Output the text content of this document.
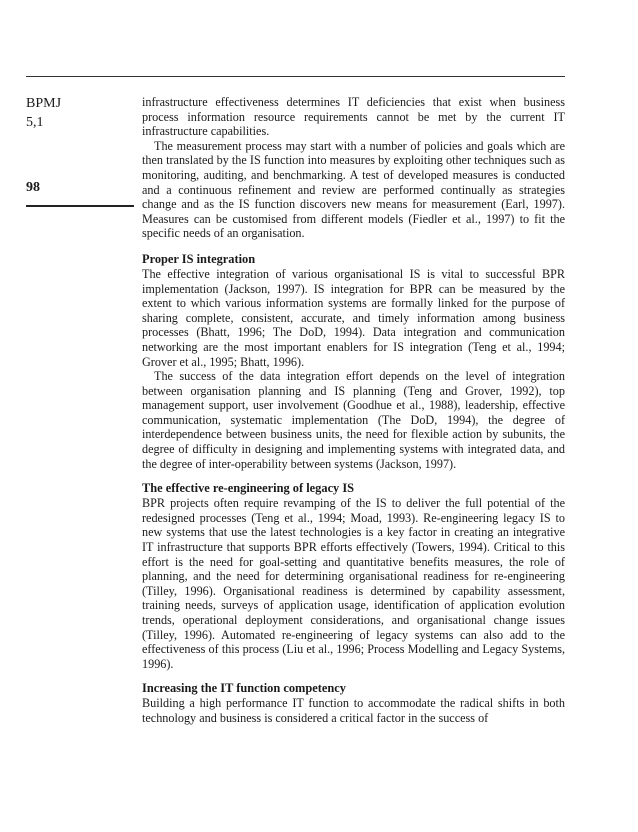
BPMJ
5,1
98

infrastructure effectiveness determines IT deficiencies that exist when business process information resource requirements cannot be met by the current IT infrastructure capabilities.

The measurement process may start with a number of policies and goals which are then translated by the IS function into measures by exploiting other techniques such as monitoring, auditing, and benchmarking. A test of developed measures is conducted and a continuous refinement and review are performed continually as strategies change and as the IS function discovers new means for measurement (Earl, 1997). Measures can be customised from different models (Fiedler et al., 1997) to fit the specific needs of an organisation.

Proper IS integration

The effective integration of various organisational IS is vital to successful BPR implementation (Jackson, 1997). IS integration for BPR can be measured by the extent to which various information systems are formally linked for the purpose of sharing complete, consistent, accurate, and timely information among business processes (Bhatt, 1996; The DoD, 1994). Data integration and communication networking are the most important enablers for IS integration (Teng et al., 1994; Grover et al., 1995; Bhatt, 1996).

The success of the data integration effort depends on the level of integration between organisation planning and IS planning (Teng and Grover, 1992), top management support, user involvement (Goodhue et al., 1988), leadership, effective communication, systematic implementation (The DoD, 1994), the degree of interdependence between business units, the need for flexible action by subunits, the degree of difficulty in designing and implementing systems with integrated data, and the degree of inter-operability between systems (Jackson, 1997).

The effective re-engineering of legacy IS

BPR projects often require revamping of the IS to deliver the full potential of the redesigned processes (Teng et al., 1994; Moad, 1993). Re-engineering legacy IS to new systems that use the latest technologies is a key factor in creating an integrative IT infrastructure that supports BPR efforts effectively (Towers, 1994). Critical to this effort is the need for goal-setting and quantitative benefits measures, the role of planning, and the need for determining organisational readiness for re-engineering (Tilley, 1996). Organisational readiness is determined by capability assessment, training needs, surveys of application usage, identification of application evolution trends, operational deployment considerations, and organisational change issues (Tilley, 1996). Automated re-engineering of legacy systems can also add to the effectiveness of this process (Liu et al., 1996; Process Modelling and Legacy Systems, 1996).

Increasing the IT function competency

Building a high performance IT function to accommodate the radical shifts in both technology and business is considered a critical factor in the success of
